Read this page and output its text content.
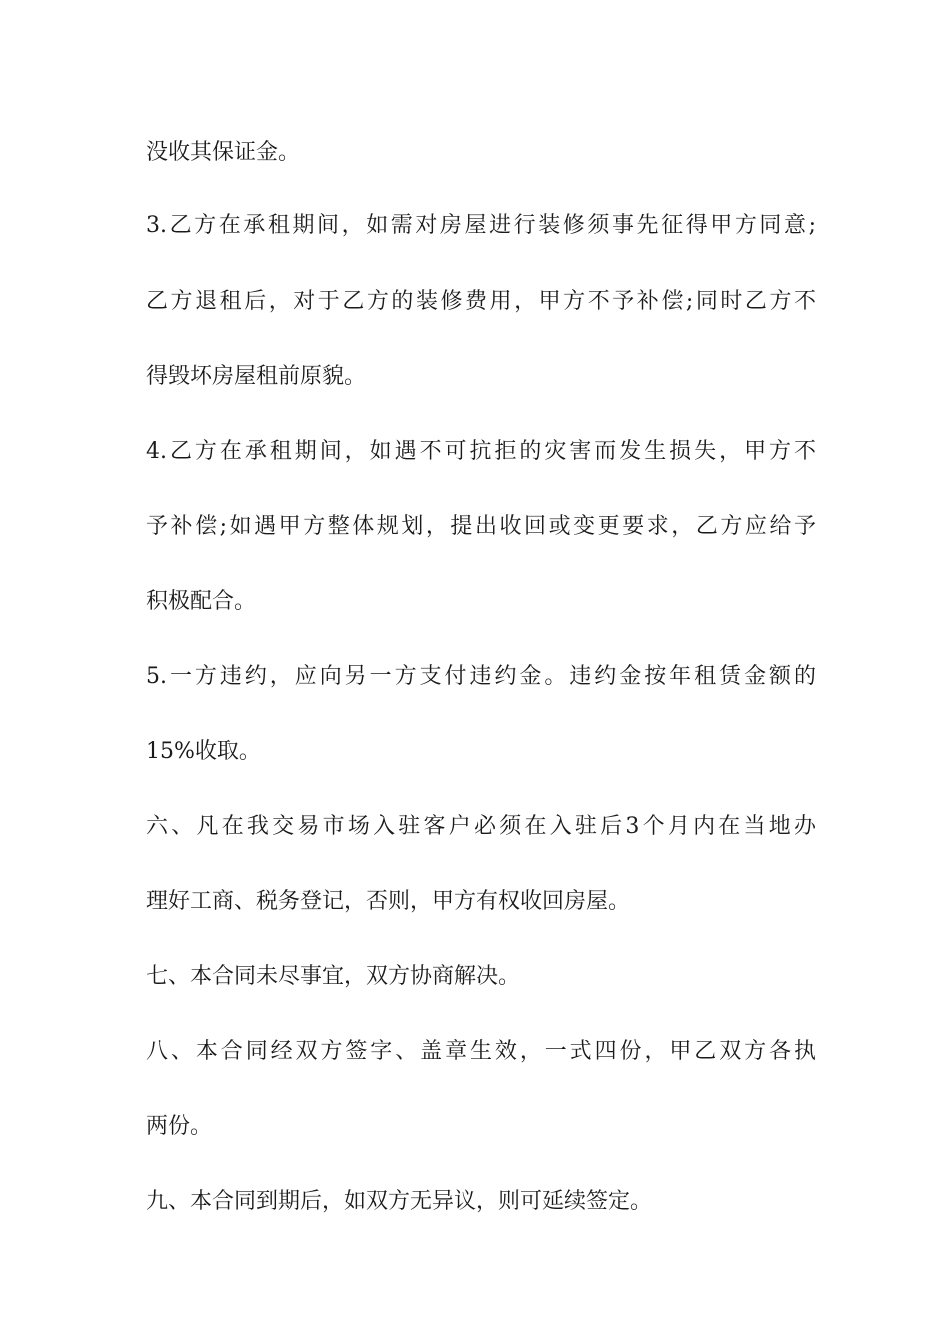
没收其保证金。
3.乙方在承租期间，如需对房屋进行装修须事先征得甲方同意;
乙方退租后，对于乙方的装修费用，甲方不予补偿;同时乙方不
得毁坏房屋租前原貌。
4.乙方在承租期间，如遇不可抗拒的灾害而发生损失，甲方不
予补偿;如遇甲方整体规划，提出收回或变更要求，乙方应给予
积极配合。
5.一方违约，应向另一方支付违约金。违约金按年租赁金额的
15%收取。
六、凡在我交易市场入驻客户必须在入驻后3个月内在当地办
理好工商、税务登记，否则，甲方有权收回房屋。
七、本合同未尽事宜，双方协商解决。
八、本合同经双方签字、盖章生效，一式四份，甲乙双方各执
两份。
九、本合同到期后，如双方无异议，则可延续签定。
